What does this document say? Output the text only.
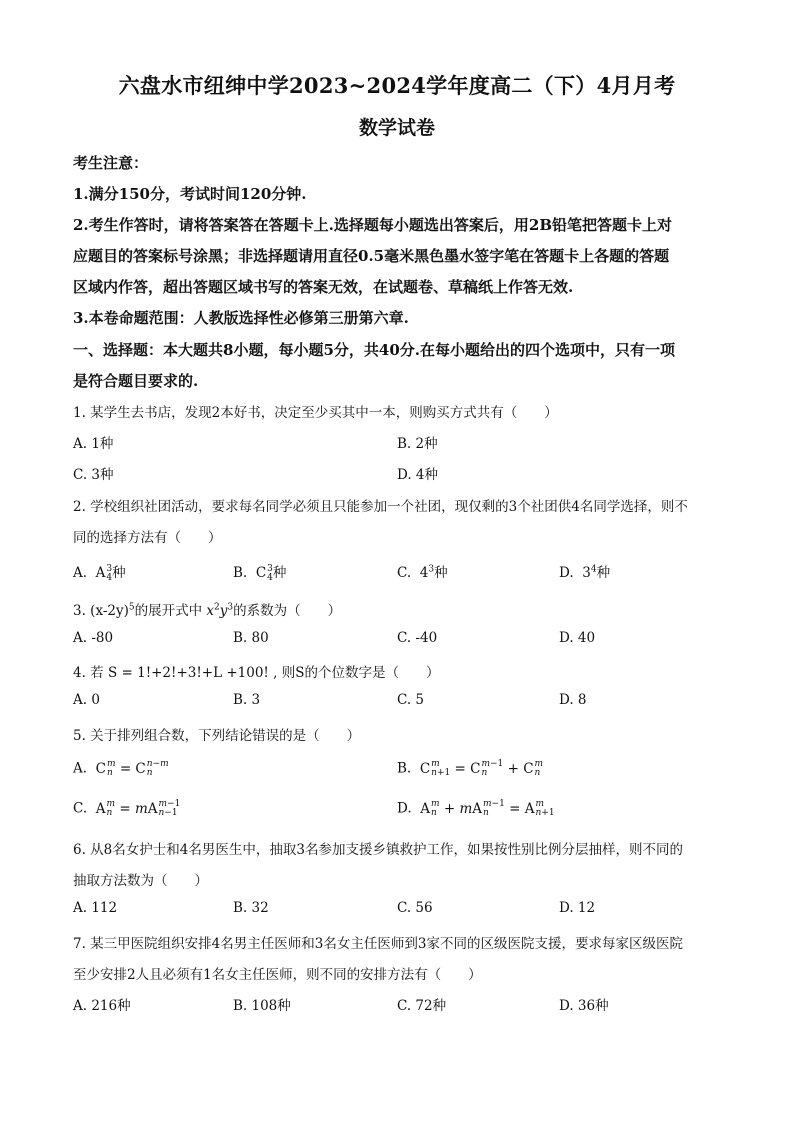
六盘水市纽绅中学2023~2024学年度高二（下）4月月考
数学试卷
考生注意：
1.满分150分，考试时间120分钟.
2.考生作答时，请将答案答在答题卡上.选择题每小题选出答案后，用2B铅笔把答题卡上对
应题目的答案标号涂黑；非选择题请用直径0.5毫米黑色墨水签字笔在答题卡上各题的答题
区域内作答，超出答题区域书写的答案无效，在试题卷、草稿纸上作答无效.
3.本卷命题范围：人教版选择性必修第三册第六章.
一、选择题：本大题共8小题，每小题5分，共40分.在每小题给出的四个选项中，只有一项
是符合题目要求的.
1. 某学生去书店，发现2本好书，决定至少买其中一本，则购买方式共有（　　）
A. 1种	B. 2种
C. 3种	D. 4种
2. 学校组织社团活动，要求每名同学必须且只能参加一个社团，现仅剩的3个社团供4名同学选择，则不
同的选择方法有（　　）
A. A 3
4 种	B. C 3
4 种	C. $4^3$种	D. $3^4$种
3. $(x-2y)^5$的展开式中 $x^2y^3$的系数为（　　）
A. -80	B. 80	C. -40	D. 40
4. 若 S = 1!+2!+3!+L +100! , 则S的个位数字是（　　）
A. 0	B. 3	C. 5	D. 8
5. 关于排列组合数，下列结论错误的是（　　）
A. C m
n = C n−m
n	B. C m
n+1 = C m−1
n	+ C m
n
C. A m
n = mA m−1
n−1	D. A m
n + mA m−1
n	= A m
n+1
6. 从8名女护士和4名男医生中，抽取3名参加支援乡镇救护工作，如果按性别比例分层抽样，则不同的
抽取方法数为（　　）
A. 112	B. 32	C. 56	D. 12
7. 某三甲医院组织安排4名男主任医师和3名女主任医师到3家不同的区级医院支援，要求每家区级医院
至少安排2人且必须有1名女主任医师，则不同的安排方法有（　　）
A. 216种	B. 108种	C. 72种	D. 36种
